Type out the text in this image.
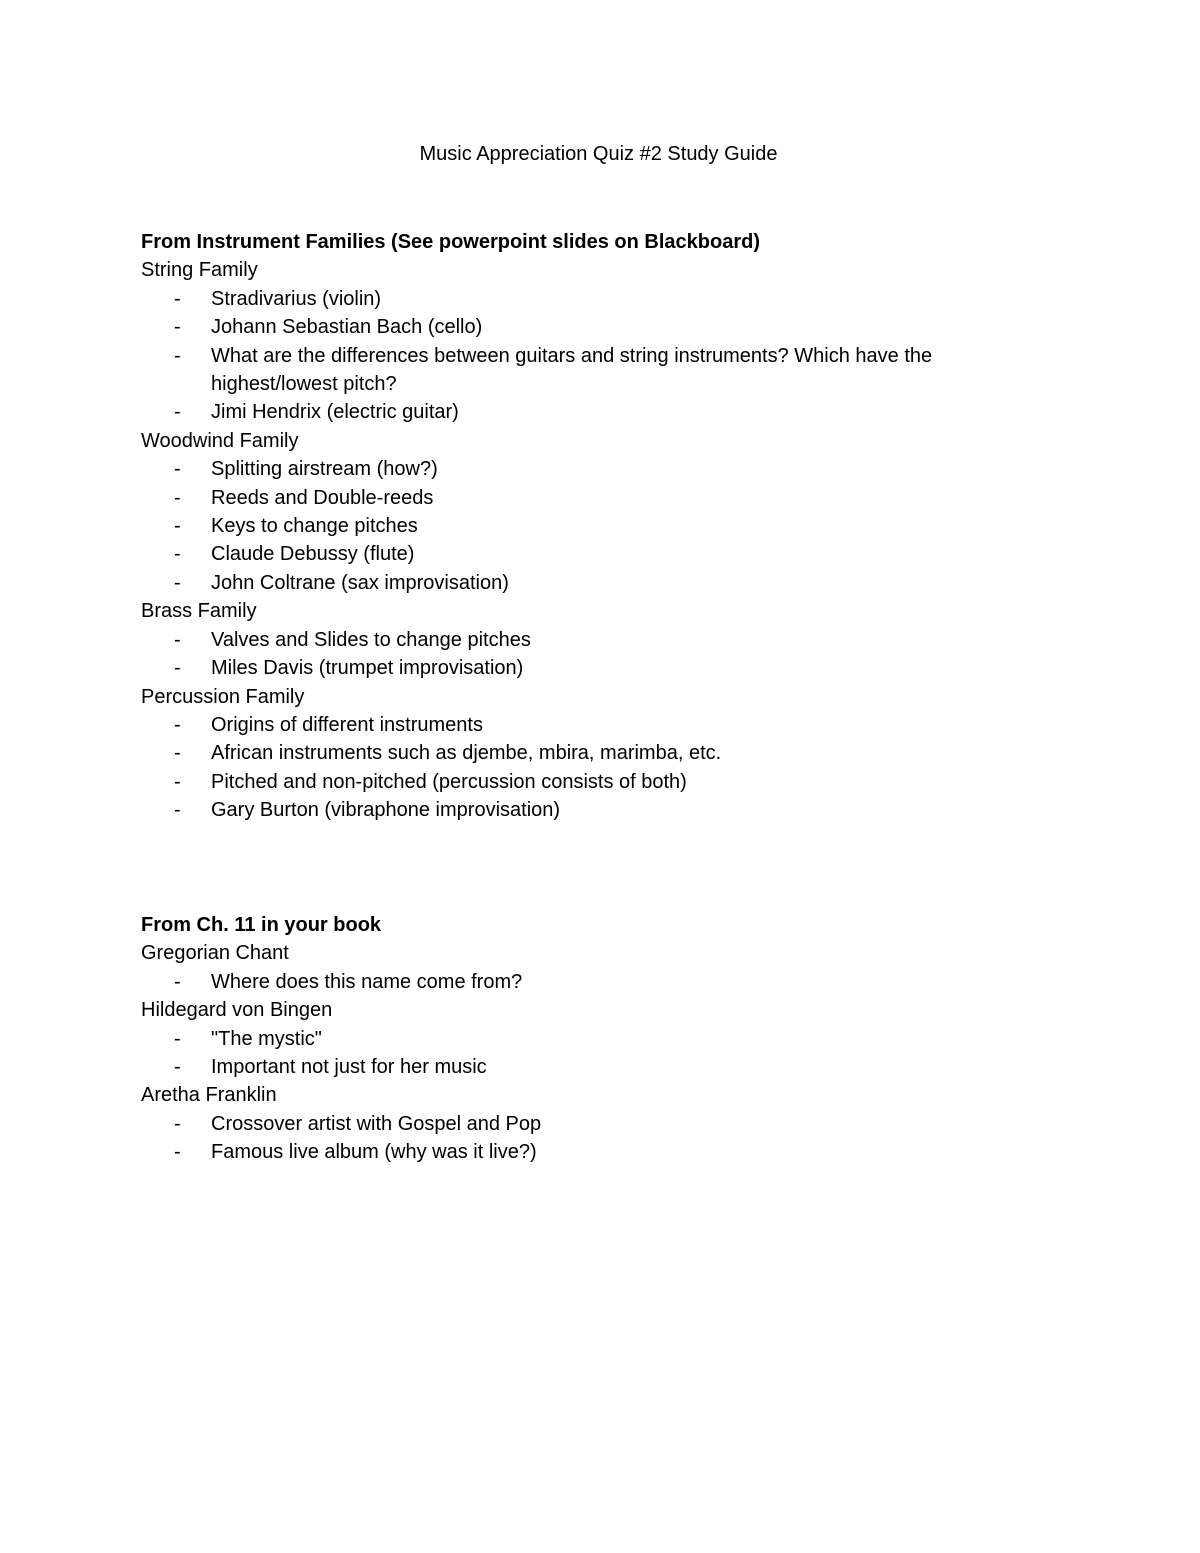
Music Appreciation Quiz #2 Study Guide
From Instrument Families (See powerpoint slides on Blackboard)
String Family
- Stradivarius (violin)
- Johann Sebastian Bach (cello)
- What are the differences between guitars and string instruments? Which have the highest/lowest pitch?
- Jimi Hendrix (electric guitar)
Woodwind Family
- Splitting airstream (how?)
- Reeds and Double-reeds
- Keys to change pitches
- Claude Debussy (flute)
- John Coltrane (sax improvisation)
Brass Family
- Valves and Slides to change pitches
- Miles Davis (trumpet improvisation)
Percussion Family
- Origins of different instruments
- African instruments such as djembe, mbira, marimba, etc.
- Pitched and non-pitched (percussion consists of both)
- Gary Burton (vibraphone improvisation)
From Ch. 11 in your book
Gregorian Chant
- Where does this name come from?
Hildegard von Bingen
- "The mystic"
- Important not just for her music
Aretha Franklin
- Crossover artist with Gospel and Pop
- Famous live album (why was it live?)
